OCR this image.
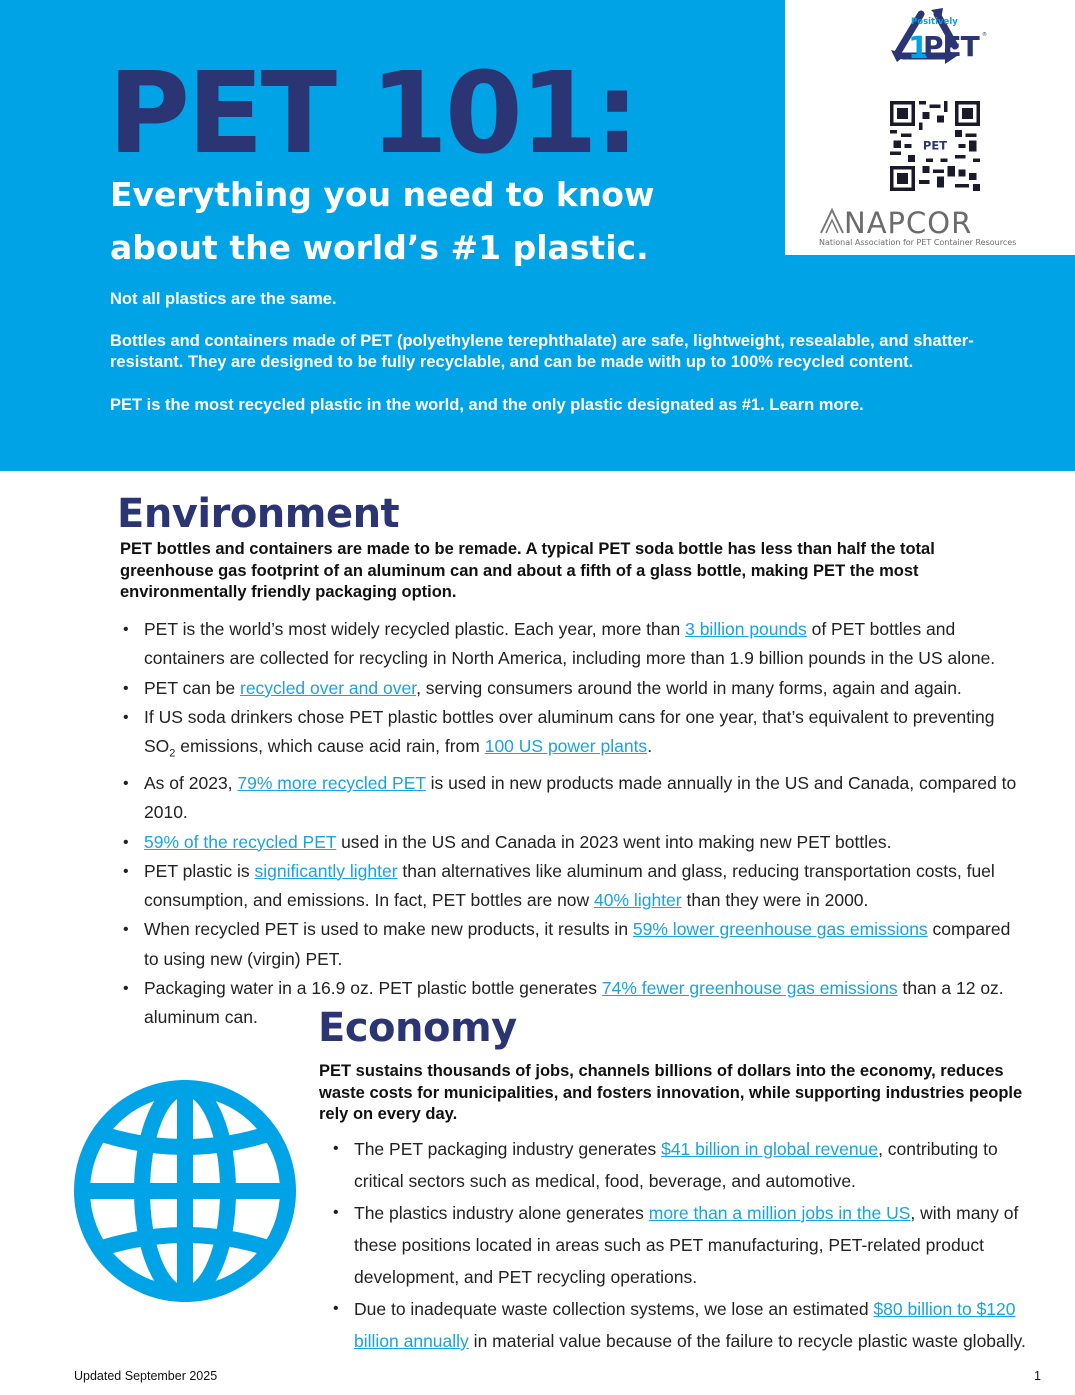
Positively
1
PET ®
PET
NAPCOR
National Association for PET Container Resources
PET 101:
Everything you need to know
about the world’s #1 plastic.

Not all plastics are the same.

Bottles and containers made of PET (polyethylene terephthalate) are safe, lightweight, resealable, and shatter-resistant. They are designed to be fully recyclable, and can be made with up to 100% recycled content.

PET is the most recycled plastic in the world, and the only plastic designated as #1. Learn more.

Environment

PET bottles and containers are made to be remade. A typical PET soda bottle has less than half the total greenhouse gas footprint of an aluminum can and about a fifth of a glass bottle, making PET the most environmentally friendly packaging option.

• PET is the world’s most widely recycled plastic. Each year, more than 3 billion pounds of PET bottles and containers are collected for recycling in North America, including more than 1.9 billion pounds in the US alone.
• PET can be recycled over and over, serving consumers around the world in many forms, again and again.
• If US soda drinkers chose PET plastic bottles over aluminum cans for one year, that’s equivalent to preventing $SO_2$ emissions, which cause acid rain, from 100 US power plants.
• As of 2023, 79% more recycled PET is used in new products made annually in the US and Canada, compared to 2010.
• 59% of the recycled PET used in the US and Canada in 2023 went into making new PET bottles.
• PET plastic is significantly lighter than alternatives like aluminum and glass, reducing transportation costs, fuel consumption, and emissions. In fact, PET bottles are now 40% lighter than they were in 2000.
• When recycled PET is used to make new products, it results in 59% lower greenhouse gas emissions compared to using new (virgin) PET.
• Packaging water in a 16.9 oz. PET plastic bottle generates 74% fewer greenhouse gas emissions than a 12 oz.
aluminum can.	Economy

PET sustains thousands of jobs, channels billions of dollars into the economy, reduces waste costs for municipalities, and fosters innovation, while supporting industries people rely on every day.

• The PET packaging industry generates $41 billion in global revenue, contributing to critical sectors such as medical, food, beverage, and automotive.
• The plastics industry alone generates more than a million jobs in the US, with many of these positions located in areas such as PET manufacturing, PET-related product development, and PET recycling operations.
• Due to inadequate waste collection systems, we lose an estimated $80 billion to $120 billion annually in material value because of the failure to recycle plastic waste globally.
Updated September 2025	1
